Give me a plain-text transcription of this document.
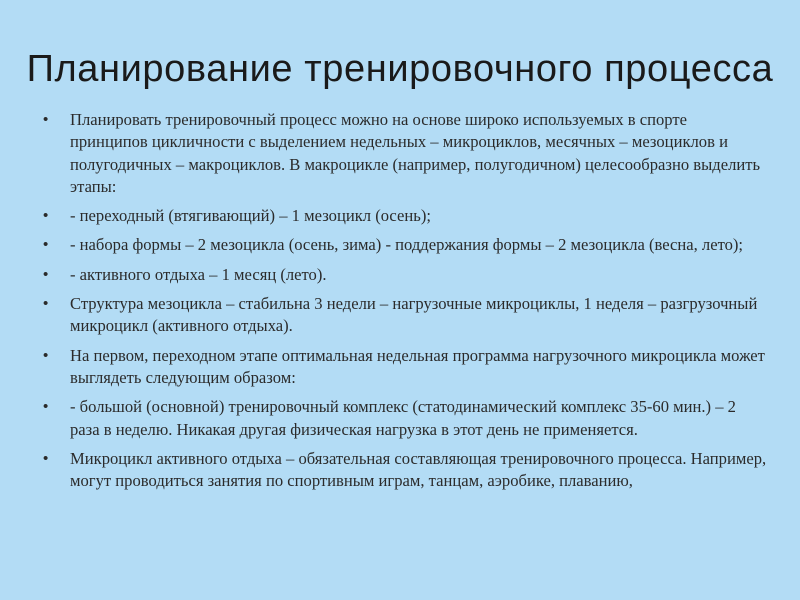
Планирование тренировочного процесса
• Планировать тренировочный процесс можно на основе широко используемых в спорте принципов цикличности с выделением недельных – микроциклов, месячных – мезоциклов и полугодичных – макроциклов. В макроцикле (например, полугодичном) целесообразно выделить этапы:
• - переходный (втягивающий) – 1 мезоцикл (осень);
• - набора формы – 2 мезоцикла (осень, зима) - поддержания формы – 2 мезоцикла (весна, лето);
• - активного отдыха – 1 месяц (лето).
• Структура мезоцикла – стабильна 3 недели – нагрузочные микроциклы, 1 неделя – разгрузочный микроцикл (активного отдыха).
• На первом, переходном этапе оптимальная недельная программа нагрузочного микроцикла может выглядеть следующим образом:
• - большой (основной) тренировочный комплекс (статодинамический комплекс 35-60 мин.) – 2 раза в неделю. Никакая другая физическая нагрузка в этот день не применяется.
• Микроцикл активного отдыха – обязательная составляющая тренировочного процесса. Например, могут проводиться занятия по спортивным играм, танцам, аэробике, плаванию,
